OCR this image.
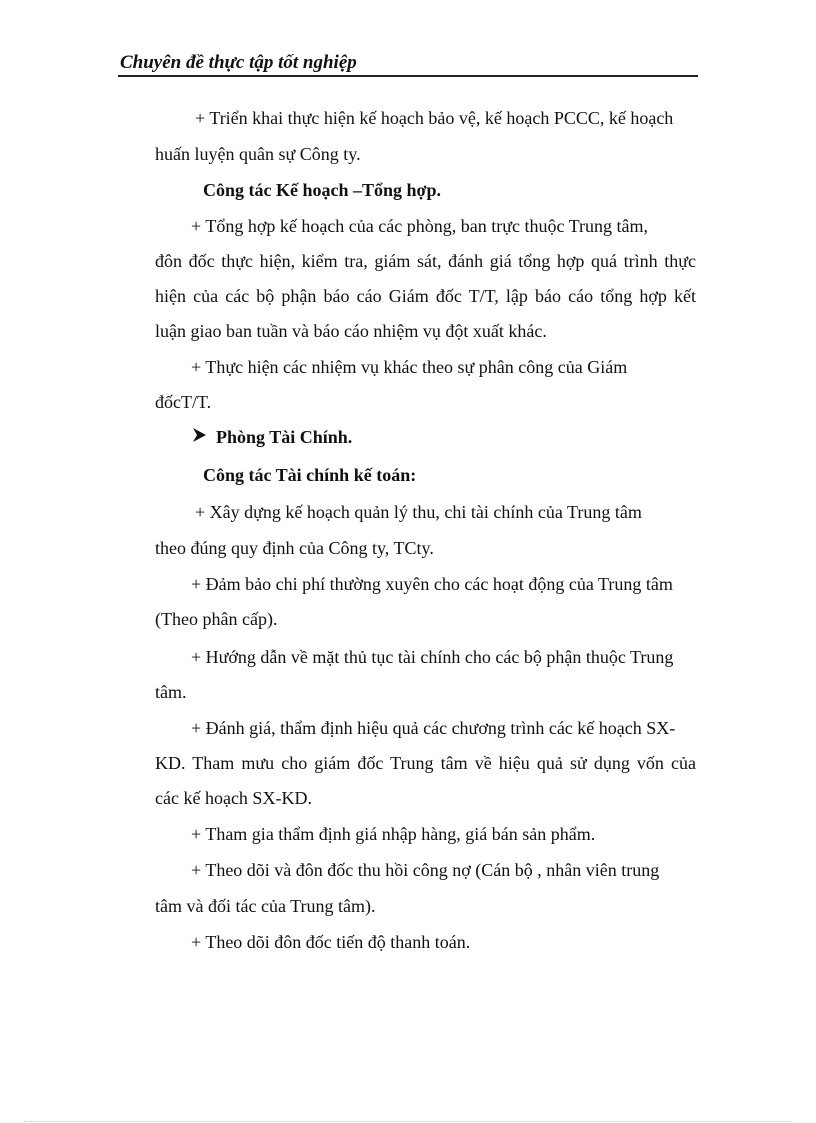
Chuyên đề thực tập tốt nghiệp
+ Triển khai thực hiện kế hoạch bảo vệ, kế hoạch PCCC, kế hoạch
huấn luyện quân sự Công ty.
Công tác Kế hoạch –Tổng hợp.
+ Tổng hợp kế hoạch của các phòng, ban trực thuộc Trung tâm,
đôn đốc thực hiện, kiểm tra, giám sát, đánh giá tổng hợp quá trình thực
hiện của các bộ phận báo cáo Giám đốc T/T, lập báo cáo tổng hợp kết
luận giao ban tuần và báo cáo nhiệm vụ đột xuất khác.
+ Thực hiện các nhiệm vụ khác theo sự phân công của Giám
đốcT/T.
Phòng Tài Chính.
Công tác Tài chính kế toán:
+ Xây dựng kế hoạch quản lý thu, chi tài chính của Trung tâm
theo đúng quy định của Công ty, TCty.
+ Đảm bảo chi phí thường xuyên cho các hoạt động của Trung tâm
(Theo phân cấp).
+ Hướng dẫn về mặt thủ tục tài chính cho các bộ phận thuộc Trung
tâm.
+ Đánh giá, thẩm định hiệu quả các chương trình các kế hoạch SX-
KD. Tham mưu cho giám đốc Trung tâm về hiệu quả sử dụng vốn của
các kế hoạch SX-KD.
+ Tham gia thẩm định giá nhập hàng, giá bán sản phẩm.
+ Theo dõi và đôn đốc thu hồi công nợ (Cán bộ , nhân viên trung
tâm và đối tác của Trung tâm).
+ Theo dõi đôn đốc tiến độ thanh toán.
